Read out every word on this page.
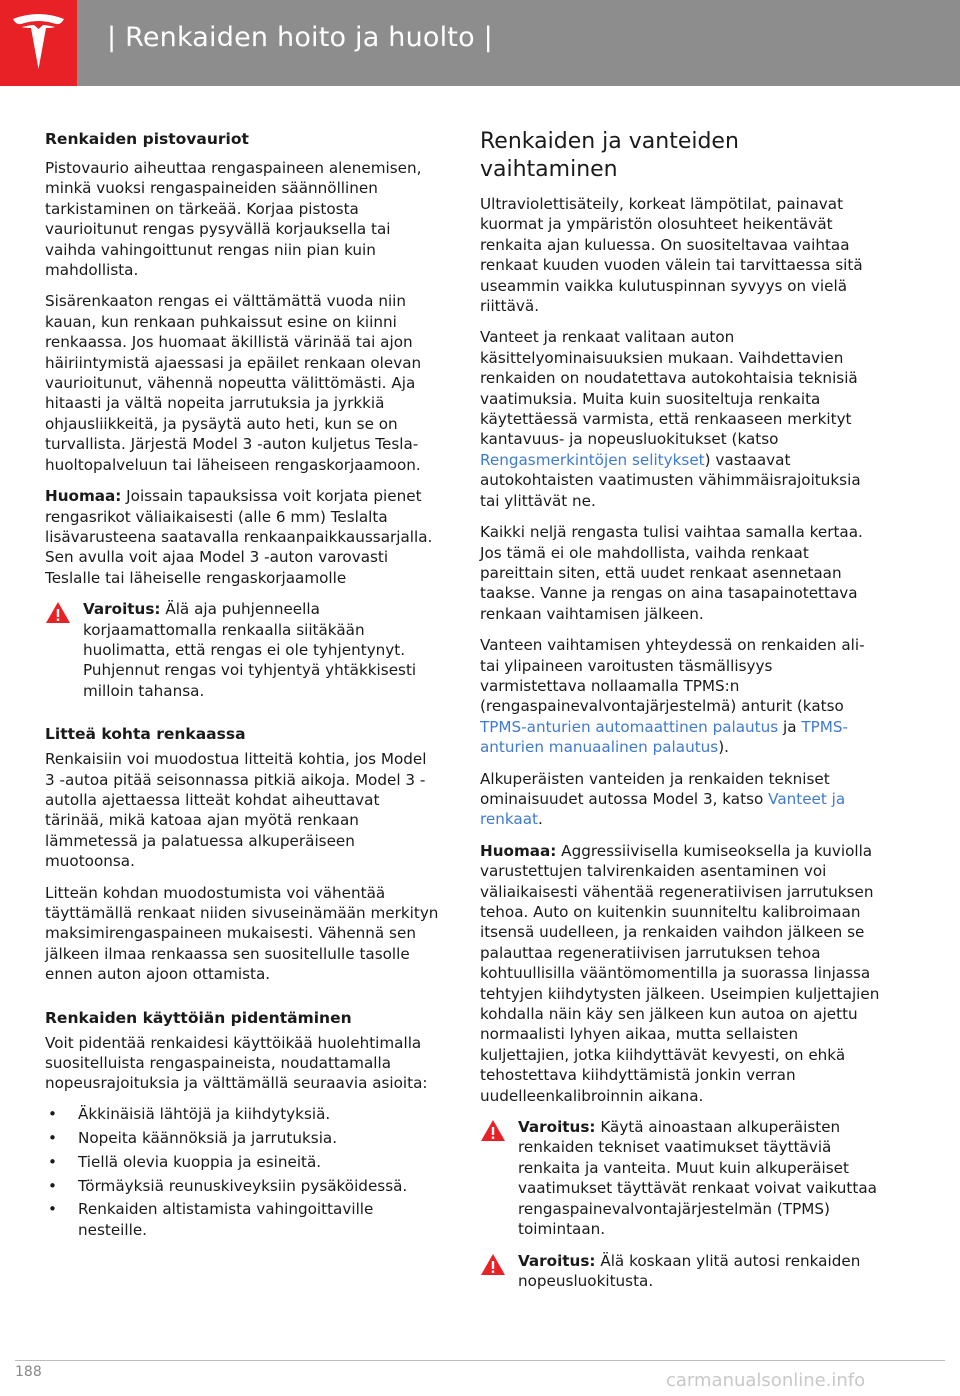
| Renkaiden hoito ja huolto |
Renkaiden pistovauriot

Pistovaurio aiheuttaa rengaspaineen alenemisen, minkä vuoksi rengaspaineiden säännöllinen tarkistaminen on tärkeää. Korjaa pistosta vaurioitunut rengas pysyvällä korjauksella tai vaihda vahingoittunut rengas niin pian kuin mahdollista.

Sisärenkaaton rengas ei välttämättä vuoda niin kauan, kun renkaan puhkaissut esine on kiinni renkaassa. Jos huomaat äkillistä värinää tai ajon häiriintymistä ajaessasi ja epäilet renkaan olevan vaurioitunut, vähennä nopeutta välittömästi. Aja hitaasti ja vältä nopeita jarrutuksia ja jyrkkiä ohjausliikkeitä, ja pysäytä auto heti, kun se on turvallista. Järjestä Model 3 -auton kuljetus Tesla-huoltopalveluun tai läheiseen rengaskorjaamoon.

Huomaa: Joissain tapauksissa voit korjata pienet rengasrikot väliaikaisesti (alle 6 mm) Teslalta lisävarusteena saatavalla renkaanpaikkaussarjalla. Sen avulla voit ajaa Model 3 -auton varovasti Teslalle tai läheiselle rengaskorjaamolle

Varoitus: Älä aja puhjenneella korjaamattomalla renkaalla siitäkään huolimatta, että rengas ei ole tyhjentynyt. Puhjennut rengas voi tyhjentyä yhtäkkisesti milloin tahansa.

Litteä kohta renkaassa

Renkaisiin voi muodostua litteitä kohtia, jos Model 3 -autoa pitää seisonnassa pitkiä aikoja. Model 3 -autolla ajettaessa litteät kohdat aiheuttavat tärinää, mikä katoaa ajan myötä renkaan lämmetessä ja palatuessa alkuperäiseen muotoonsa.

Litteän kohdan muodostumista voi vähentää täyttämällä renkaat niiden sivuseinämään merkityn maksimirengaspaineen mukaisesti. Vähennä sen jälkeen ilmaa renkaassa sen suositellulle tasolle ennen auton ajoon ottamista.

Renkaiden käyttöiän pidentäminen

Voit pidentää renkaidesi käyttöikää huolehtimalla suositelluista rengaspaineista, noudattamalla nopeusrajoituksia ja välttämällä seuraavia asioita:

• Äkkinäisiä lähtöjä ja kiihdytyksiä.
• Nopeita käännöksiä ja jarrutuksia.
• Tiellä olevia kuoppia ja esineitä.
• Törmäyksiä reunuskiveyksiin pysäköidessä.
• Renkaiden altistamista vahingoittaville nesteille.
Renkaiden ja vanteiden vaihtaminen

Ultraviolettisäteily, korkeat lämpötilat, painavat kuormat ja ympäristön olosuhteet heikentävät renkaita ajan kuluessa. On suositeltavaa vaihtaa renkaat kuuden vuoden välein tai tarvittaessa sitä useammin vaikka kulutuspinnan syvyys on vielä riittävä.

Vanteet ja renkaat valitaan auton käsittelyominaisuuksien mukaan. Vaihdettavien renkaiden on noudatettava autokohtaisia teknisiä vaatimuksia. Muita kuin suositeltuja renkaita käytettäessä varmista, että renkaaseen merkityt kantavuus- ja nopeusluokitukset (katso Rengasmerkintöjen selitykset) vastaavat autokohtaisten vaatimusten vähimmäisrajoituksia tai ylittävät ne.

Kaikki neljä rengasta tulisi vaihtaa samalla kertaa. Jos tämä ei ole mahdollista, vaihda renkaat pareittain siten, että uudet renkaat asennetaan taakse. Vanne ja rengas on aina tasapainotettava renkaan vaihtamisen jälkeen.

Vanteen vaihtamisen yhteydessä on renkaiden ali- tai ylipaineen varoitusten täsmällisyys varmistettava nollaamalla TPMS:n (rengaspainevalvontajärjestelmä) anturit (katso TPMS-anturien automaattinen palautus ja TPMS-anturien manuaalinen palautus).

Alkuperäisten vanteiden ja renkaiden tekniset ominaisuudet autossa Model 3, katso Vanteet ja renkaat.

Huomaa: Aggressiivisella kumiseoksella ja kuviolla varustettujen talvirenkaiden asentaminen voi väliaikaisesti vähentää regeneratiivisen jarrutuksen tehoa. Auto on kuitenkin suunniteltu kalibroimaan itsensä uudelleen, ja renkaiden vaihdon jälkeen se palauttaa regeneratiivisen jarrutuksen tehoa kohtuullisilla vääntömomentilla ja suorassa linjassa tehtyjen kiihdytysten jälkeen. Useimpien kuljettajien kohdalla näin käy sen jälkeen kun autoa on ajettu normaalisti lyhyen aikaa, mutta sellaisten kuljettajien, jotka kiihdyttävät kevyesti, on ehkä tehostettava kiihdyttämistä jonkin verran uudelleenkalibroinnin aikana.

Varoitus: Käytä ainoastaan alkuperäisten renkaiden tekniset vaatimukset täyttäviä renkaita ja vanteita. Muut kuin alkuperäiset vaatimukset täyttävät renkaat voivat vaikuttaa rengaspainevalvontajärjestelmän (TPMS) toimintaan.

Varoitus: Älä koskaan ylitä autosi renkaiden nopeusluokitusta.

188	carmanualsonline.info
